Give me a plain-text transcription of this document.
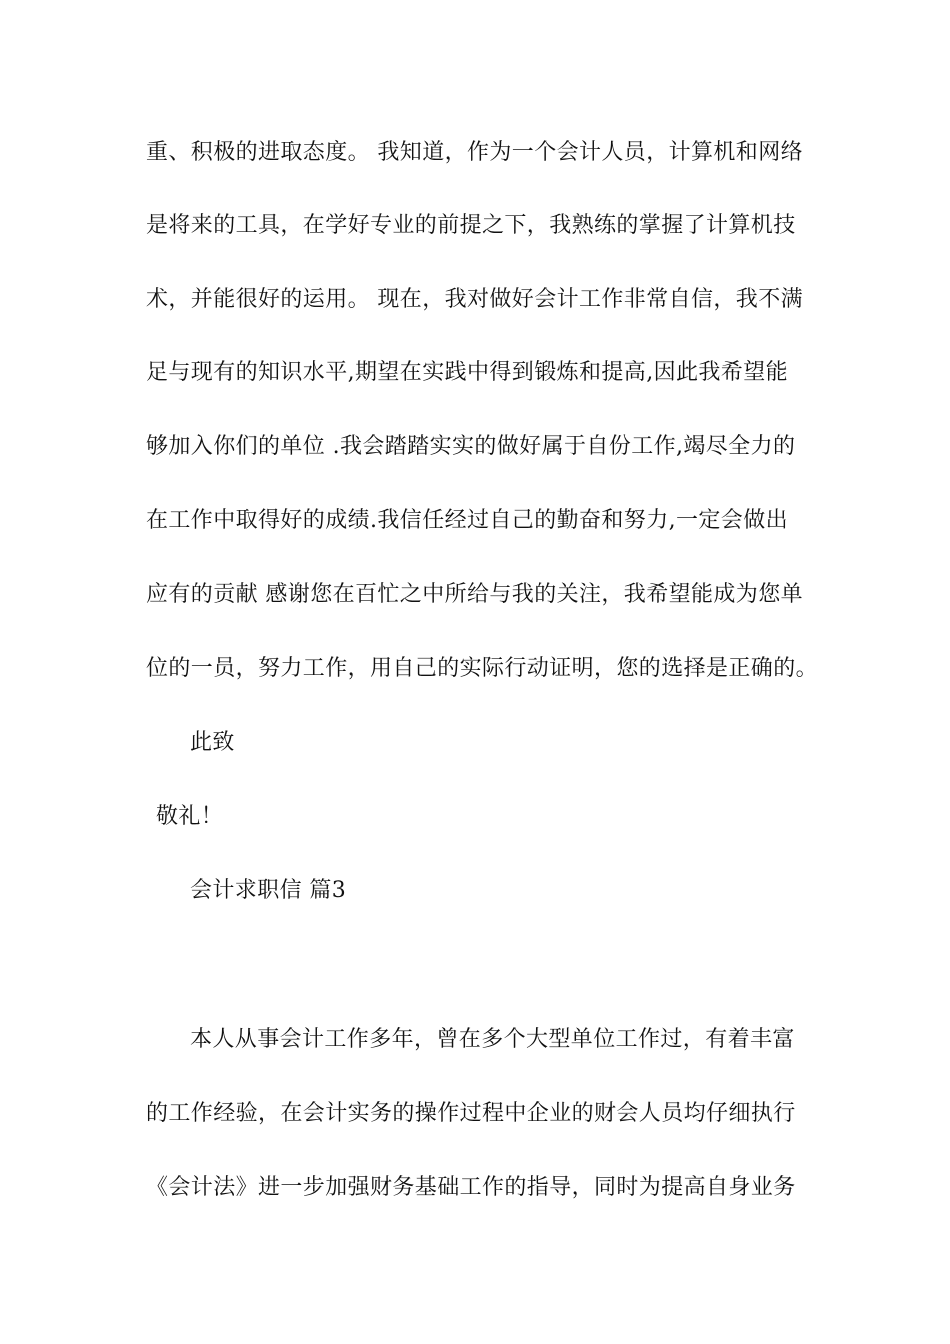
重、积极的进取态度。 我知道，作为一个会计人员，计算机和网络
是将来的工具，在学好专业的前提之下，我熟练的掌握了计算机技
术，并能很好的运用。 现在，我对做好会计工作非常自信，我不满
足与现有的知识水平,期望在实践中得到锻炼和提高,因此我希望能
够加入你们的单位 .我会踏踏实实的做好属于自份工作,竭尽全力的
在工作中取得好的成绩.我信任经过自己的勤奋和努力,一定会做出
应有的贡献 感谢您在百忙之中所给与我的关注，我希望能成为您单
位的一员，努力工作，用自己的实际行动证明，您的选择是正确的。
此致
敬礼！
会计求职信 篇3
本人从事会计工作多年，曾在多个大型单位工作过，有着丰富
的工作经验，在会计实务的操作过程中企业的财会人员均仔细执行
《会计法》进一步加强财务基础工作的指导，同时为提高自身业务
